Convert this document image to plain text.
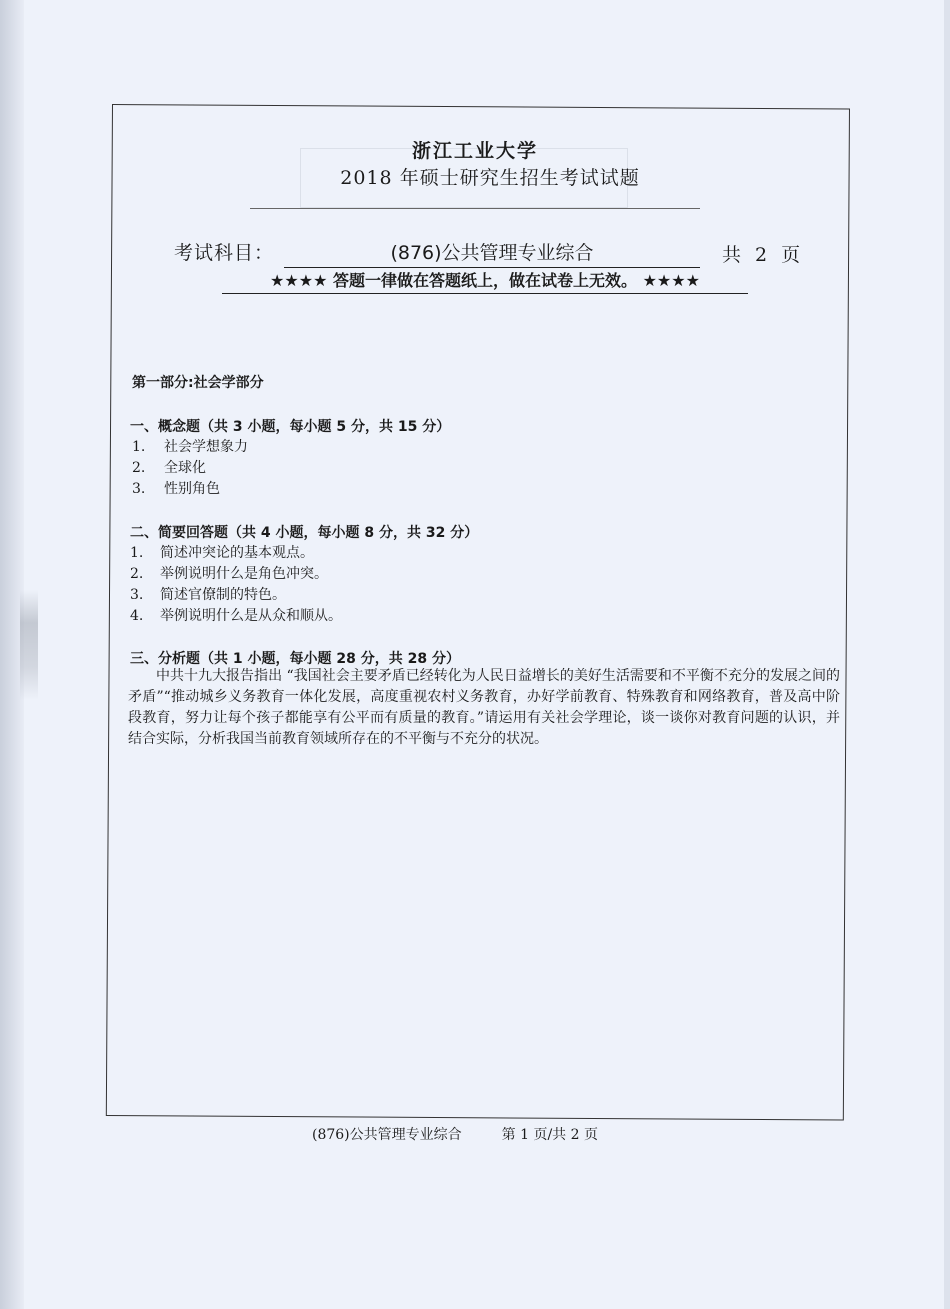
浙江工业大学
2018 年硕士研究生招生考试试题
考试科目：	(876)公共管理专业综合	共 2 页
★★★★ 答题一律做在答题纸上，做在试卷上无效。 ★★★★
第一部分:社会学部分
一、概念题（共 3 小题，每小题 5 分，共 15 分）
1. 社会学想象力
2. 全球化
3. 性别角色
二、简要回答题（共 4 小题，每小题 8 分，共 32 分）
1. 简述冲突论的基本观点。
2. 举例说明什么是角色冲突。
3. 简述官僚制的特色。
4. 举例说明什么是从众和顺从。
三、分析题（共 1 小题，每小题 28 分，共 28 分）
中共十九大报告指出 “我国社会主要矛盾已经转化为人民日益增长的美好生活需要和不平衡不充分的发展之间的矛盾”“推动城乡义务教育一体化发展，高度重视农村义务教育，办好学前教育、特殊教育和网络教育，普及高中阶段教育，努力让每个孩子都能享有公平而有质量的教育。”请运用有关社会学理论，谈一谈你对教育问题的认识，并结合实际，分析我国当前教育领域所存在的不平衡与不充分的状况。
(876)公共管理专业综合	第 1 页/共 2 页
